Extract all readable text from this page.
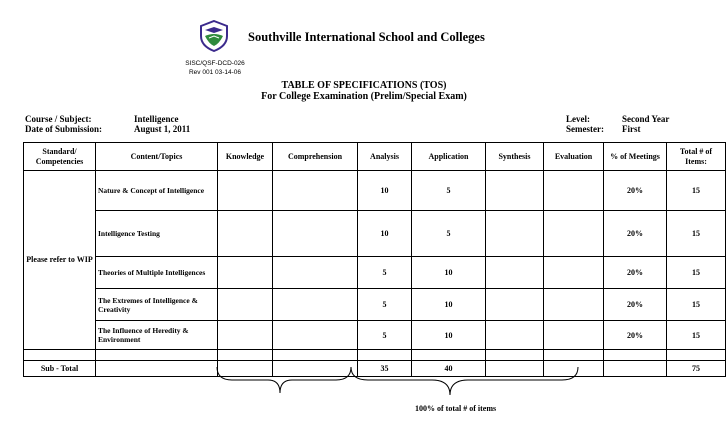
Southville International School and Colleges
SISC/QSF-DCD-026
Rev 001 03-14-06
TABLE OF SPECIFICATIONS (TOS)
For College Examination (Prelim/Special Exam)
Course / Subject:	Intelligence
Date of Submission:	August 1, 2011
Level:	Second Year
Semester: First
Standard/ Competencies	Content/Topics	Knowledge	Comprehension	Analysis	Application	Synthesis	Evaluation	% of Meetings	Total # of Items:
Please refer to WIP	Nature & Concept of Intelligence			10	5			20%	15
	Intelligence Testing			10	5			20%	15
	Theories of Multiple Intelligences			5	10			20%	15
	The Extremes of Intelligence & Creativity			5	10			20%	15
	The Influence of Heredity & Environment			5	10			20%	15

Sub - Total				35	40				75
100% of total # of items
